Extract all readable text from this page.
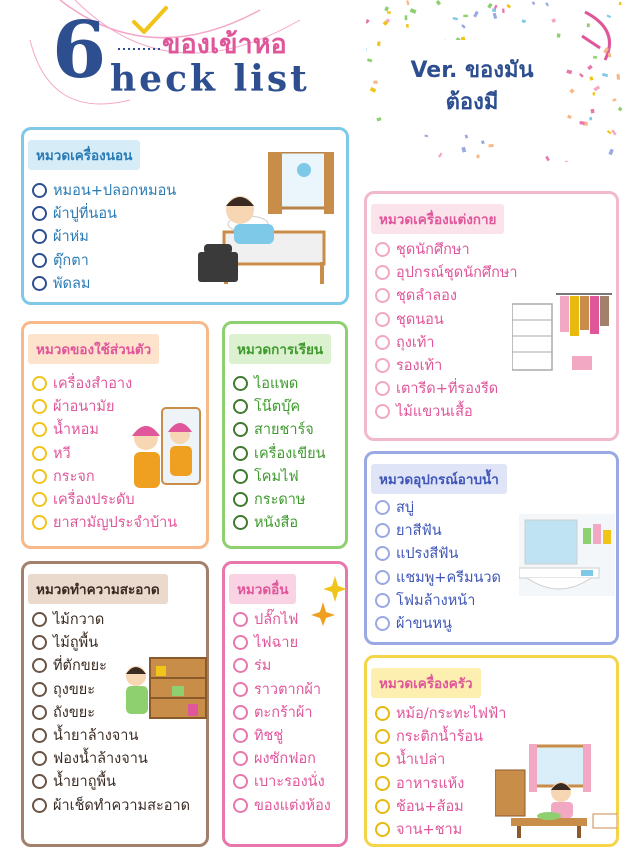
6 ของเข้าหอ
heck list	Ver. ของมัน
ต้องมี
หมวดเครื่องนอน
หมอน+ปลอกหมอน
ผ้าปูที่นอน
ผ้าห่ม
ตุ๊กตา
พัดลม
หมวดเครื่องแต่งกาย
ชุดนักศึกษา
อุปกรณ์ชุดนักศึกษา
ชุดลำลอง
ชุดนอน
ถุงเท้า
รองเท้า
เตารีด+ที่รองรีด
ไม้แขวนเสื้อ
หมวดของใช้ส่วนตัว
เครื่องสำอาง
ผ้าอนามัย
น้ำหอม
หวี
กระจก
เครื่องประดับ
ยาสามัญประจำบ้าน
หมวดการเรียน
ไอแพด
โน๊ตบุ๊ค
สายชาร์จ
เครื่องเขียน
โคมไฟ
กระดาษ
หนังสือ
หมวดอุปกรณ์อาบน้ำ
สบู่
ยาสีฟัน
แปรงสีฟัน
แชมพู+ครีมนวด
โฟมล้างหน้า
ผ้าขนหนู
หมวดทำความสะอาด
ไม้กวาด
ไม้ถูพื้น
ที่ตักขยะ
ถุงขยะ
ถังขยะ
น้ำยาล้างจาน
ฟองน้ำล้างจาน
น้ำยาถูพื้น
ผ้าเช็ดทำความสะอาด
หมวดอื่น
ปลั๊กไฟ
ไฟฉาย
ร่ม
ราวตากผ้า
ตะกร้าผ้า
ทิชชู่
ผงซักฟอก
เบาะรองนั่ง
ของแต่งห้อง
หมวดเครื่องครัว
หม้อ/กระทะไฟฟ้า
กระติกน้ำร้อน
น้ำเปล่า
อาหารแห้ง
ช้อน+ส้อม
จาน+ชาม
